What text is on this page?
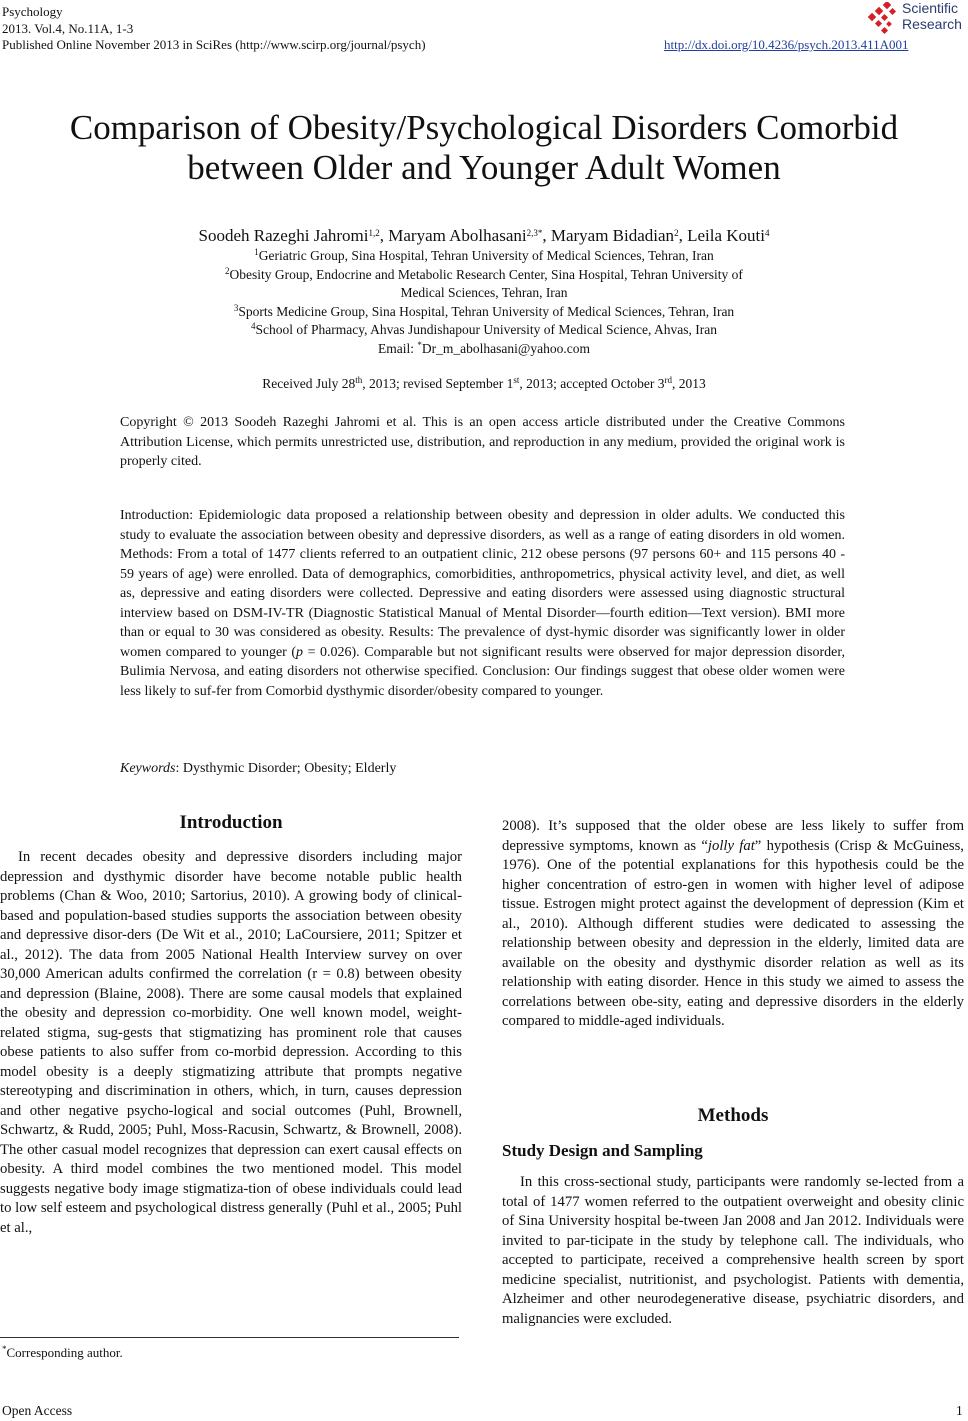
Psychology
2013. Vol.4, No.11A, 1-3
Published Online November 2013 in SciRes (http://www.scirp.org/journal/psych)	http://dx.doi.org/10.4236/psych.2013.411A001
Scientific
Research
Comparison of Obesity/Psychological Disorders Comorbid
between Older and Younger Adult Women
Soodeh Razeghi Jahromi$^{1,2}$, Maryam Abolhasani$^{2,3*}$, Maryam Bidadian$^2$, Leila Kouti$^4$
$^1$Geriatric Group, Sina Hospital, Tehran University of Medical Sciences, Tehran, Iran
$^2$Obesity Group, Endocrine and Metabolic Research Center, Sina Hospital, Tehran University of
Medical Sciences, Tehran, Iran
$^3$Sports Medicine Group, Sina Hospital, Tehran University of Medical Sciences, Tehran, Iran
$^4$School of Pharmacy, Ahvas Jundishapour University of Medical Science, Ahvas, Iran
Email: *Dr_m_abolhasani@yahoo.com
Received July 28th, 2013; revised September 1st, 2013; accepted October 3rd, 2013
Copyright © 2013 Soodeh Razeghi Jahromi et al. This is an open access article distributed under the Creative Commons Attribution License, which permits unrestricted use, distribution, and reproduction in any medium, provided the original work is properly cited.
Introduction: Epidemiologic data proposed a relationship between obesity and depression in older adults. We conducted this study to evaluate the association between obesity and depressive disorders, as well as a range of eating disorders in old women. Methods: From a total of 1477 clients referred to an outpatient clinic, 212 obese persons (97 persons 60+ and 115 persons 40 - 59 years of age) were enrolled. Data of demographics, comorbidities, anthropometrics, physical activity level, and diet, as well as, depressive and eating disorders were collected. Depressive and eating disorders were assessed using diagnostic structural interview based on DSM-IV-TR (Diagnostic Statistical Manual of Mental Disorder—fourth edition—Text version). BMI more than or equal to 30 was considered as obesity. Results: The prevalence of dyst-hymic disorder was significantly lower in older women compared to younger (p = 0.026). Comparable but not significant results were observed for major depression disorder, Bulimia Nervosa, and eating disorders not otherwise specified. Conclusion: Our findings suggest that obese older women were less likely to suf-fer from Comorbid dysthymic disorder/obesity compared to younger.
Keywords: Dysthymic Disorder; Obesity; Elderly
Introduction

In recent decades obesity and depressive disorders including major depression and dysthymic disorder have become notable public health problems (Chan & Woo, 2010; Sartorius, 2010). A growing body of clinical-based and population-based studies supports the association between obesity and depressive disor-ders (De Wit et al., 2010; LaCoursiere, 2011; Spitzer et al., 2012). The data from 2005 National Health Interview survey on over 30,000 American adults confirmed the correlation (r = 0.8) between obesity and depression (Blaine, 2008). There are some causal models that explained the obesity and depression co-morbidity. One well known model, weight-related stigma, sug-gests that stigmatizing has prominent role that causes obese patients to also suffer from co-morbid depression. According to this model obesity is a deeply stigmatizing attribute that prompts negative stereotyping and discrimination in others, which, in turn, causes depression and other negative psycho-logical and social outcomes (Puhl, Brownell, Schwartz, & Rudd, 2005; Puhl, Moss-Racusin, Schwartz, & Brownell, 2008). The other casual model recognizes that depression can exert causal effects on obesity. A third model combines the two mentioned model. This model suggests negative body image stigmatiza-tion of obese individuals could lead to low self esteem and psychological distress generally (Puhl et al., 2005; Puhl et al.,

2008). It’s supposed that the older obese are less likely to suffer from depressive symptoms, known as “jolly fat” hypothesis (Crisp & McGuiness, 1976). One of the potential explanations for this hypothesis could be the higher concentration of estro-gen in women with higher level of adipose tissue. Estrogen might protect against the development of depression (Kim et al., 2010). Although different studies were dedicated to assessing the relationship between obesity and depression in the elderly, limited data are available on the obesity and dysthymic disorder relation as well as its relationship with eating disorder. Hence in this study we aimed to assess the correlations between obe-sity, eating and depressive disorders in the elderly compared to middle-aged individuals.

Methods
Study Design and Sampling

In this cross-sectional study, participants were randomly se-lected from a total of 1477 women referred to the outpatient overweight and obesity clinic of Sina University hospital be-tween Jan 2008 and Jan 2012. Individuals were invited to par-ticipate in the study by telephone call. The individuals, who accepted to participate, received a comprehensive health screen by sport medicine specialist, nutritionist, and psychologist. Patients with dementia, Alzheimer and other neurodegenerative disease, psychiatric disorders, and malignancies were excluded.

*Corresponding author.
Open Access	1
